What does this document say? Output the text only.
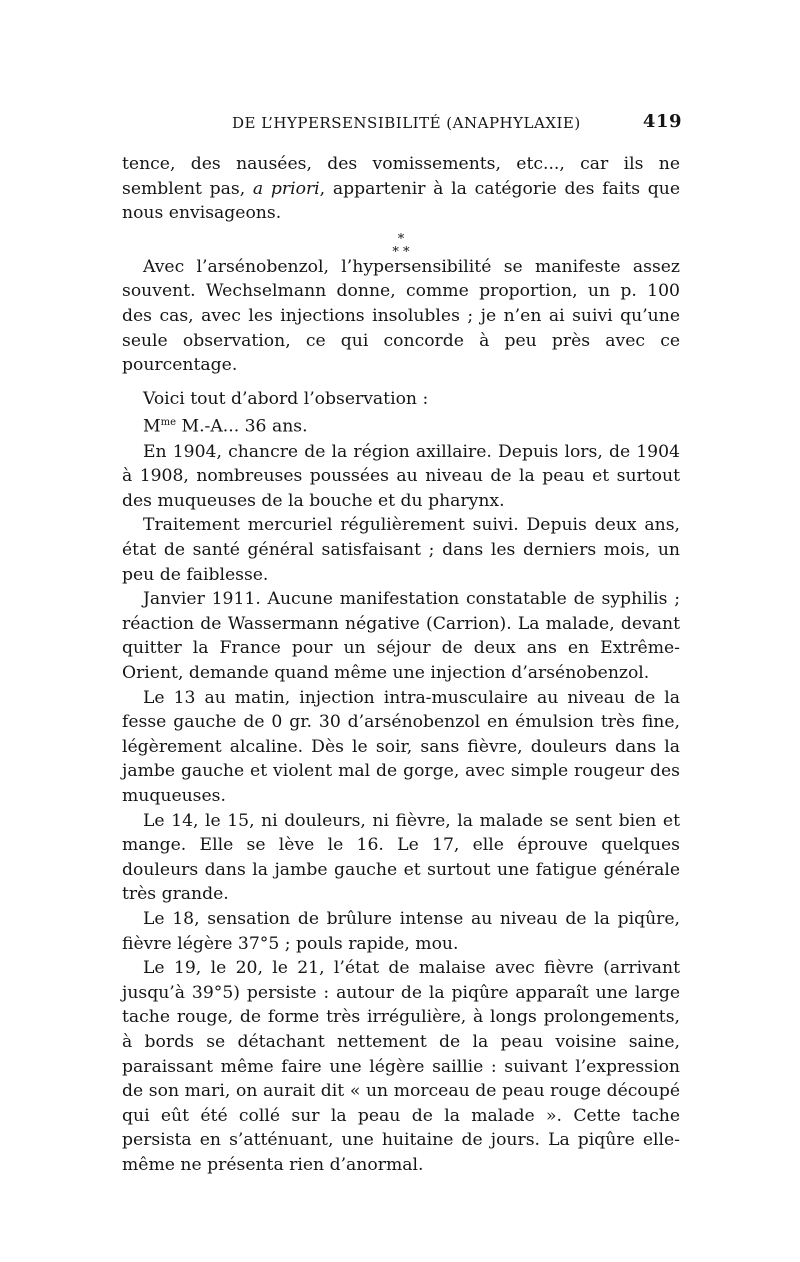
DE L’HYPERSENSIBILITÉ (ANAPHYLAXIE)	419

tence, des nausées, des vomissements, etc..., car ils ne semblent pas, a priori, appartenir à la catégorie des faits que nous envisageons.

*
* *

Avec l’arsénobenzol, l’hypersensibilité se manifeste assez souvent. Wechselmann donne, comme proportion, un p. 100 des cas, avec les injections insolubles ; je n’en ai suivi qu’une seule observation, ce qui concorde à peu près avec ce pourcentage.

Voici tout d’abord l’observation :

$M^{me}$ M.-A... 36 ans.

En 1904, chancre de la région axillaire. Depuis lors, de 1904 à 1908, nombreuses poussées au niveau de la peau et surtout des muqueuses de la bouche et du pharynx.

Traitement mercuriel régulièrement suivi. Depuis deux ans, état de santé général satisfaisant ; dans les derniers mois, un peu de faiblesse.

Janvier 1911. Aucune manifestation constatable de syphilis ; réaction de Wassermann négative (Carrion). La malade, devant quitter la France pour un séjour de deux ans en Extrême-Orient, demande quand même une injection d’arsénobenzol.

Le 13 au matin, injection intra-musculaire au niveau de la fesse gauche de 0 gr. 30 d’arsénobenzol en émulsion très fine, légèrement alcaline. Dès le soir, sans fièvre, douleurs dans la jambe gauche et violent mal de gorge, avec simple rougeur des muqueuses.

Le 14, le 15, ni douleurs, ni fièvre, la malade se sent bien et mange. Elle se lève le 16. Le 17, elle éprouve quelques douleurs dans la jambe gauche et surtout une fatigue générale très grande.

Le 18, sensation de brûlure intense au niveau de la piqûre, fièvre légère 37°5 ; pouls rapide, mou.

Le 19, le 20, le 21, l’état de malaise avec fièvre (arrivant jusqu’à 39°5) persiste : autour de la piqûre apparaît une large tache rouge, de forme très irrégulière, à longs prolongements, à bords se détachant nettement de la peau voisine saine, paraissant même faire une légère saillie : suivant l’expression de son mari, on aurait dit « un morceau de peau rouge découpé qui eût été collé sur la peau de la malade ». Cette tache persista en s’atténuant, une huitaine de jours. La piqûre elle-même ne présenta rien d’anormal.
